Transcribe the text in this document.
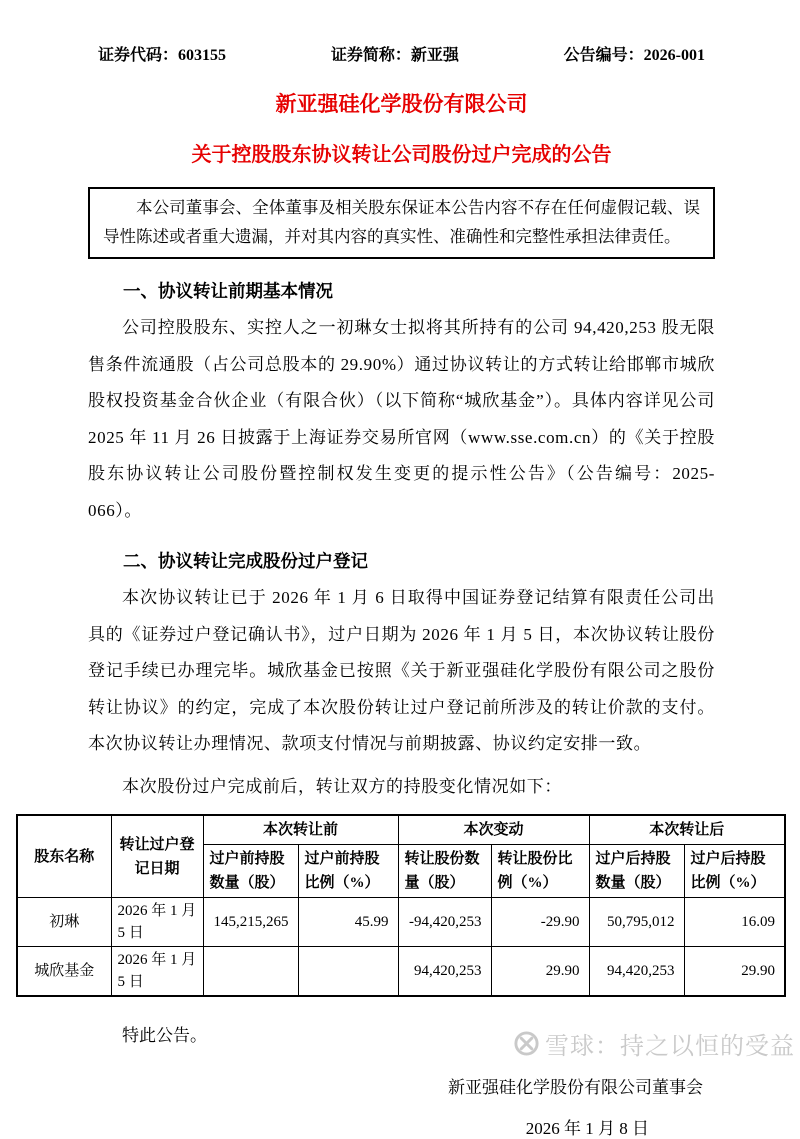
证券代码：603155	证券简称：新亚强	公告编号：2026-001
新亚强硅化学股份有限公司
关于控股股东协议转让公司股份过户完成的公告

本公司董事会、全体董事及相关股东保证本公告内容不存在任何虚假记载、误导性陈述或者重大遗漏，并对其内容的真实性、准确性和完整性承担法律责任。

一、协议转让前期基本情况

公司控股股东、实控人之一初琳女士拟将其所持有的公司 94,420,253 股无限售条件流通股（占公司总股本的 29.90%）通过协议转让的方式转让给邯郸市城欣股权投资基金合伙企业（有限合伙）（以下简称“城欣基金”）。具体内容详见公司 2025 年 11 月 26 日披露于上海证券交易所官网（www.sse.com.cn）的《关于控股股东协议转让公司股份暨控制权发生变更的提示性公告》（公告编号：2025-066）。

二、协议转让完成股份过户登记

本次协议转让已于 2026 年 1 月 6 日取得中国证券登记结算有限责任公司出具的《证券过户登记确认书》，过户日期为 2026 年 1 月 5 日，本次协议转让股份登记手续已办理完毕。城欣基金已按照《关于新亚强硅化学股份有限公司之股份转让协议》的约定，完成了本次股份转让过户登记前所涉及的转让价款的支付。本次协议转让办理情况、款项支付情况与前期披露、协议约定安排一致。

本次股份过户完成前后，转让双方的持股变化情况如下：

股东名称	转让过户登记日期	本次转让前		本次变动		本次转让后	
		过户前持股数量（股）	过户前持股比例（%）	转让股份数量（股）	转让股份比例（%）	过户后持股数量（股）	过户后持股比例（%）
初琳	2026 年 1 月 5 日	145,215,265	45.99	-94,420,253	-29.90	50,795,012	16.09
城欣基金	2026 年 1 月 5 日			94,420,253	29.90	94,420,253	29.90

特此公告。

新亚强硅化学股份有限公司董事会
2026 年 1 月 8 日
雪球：持之以恒的受益
